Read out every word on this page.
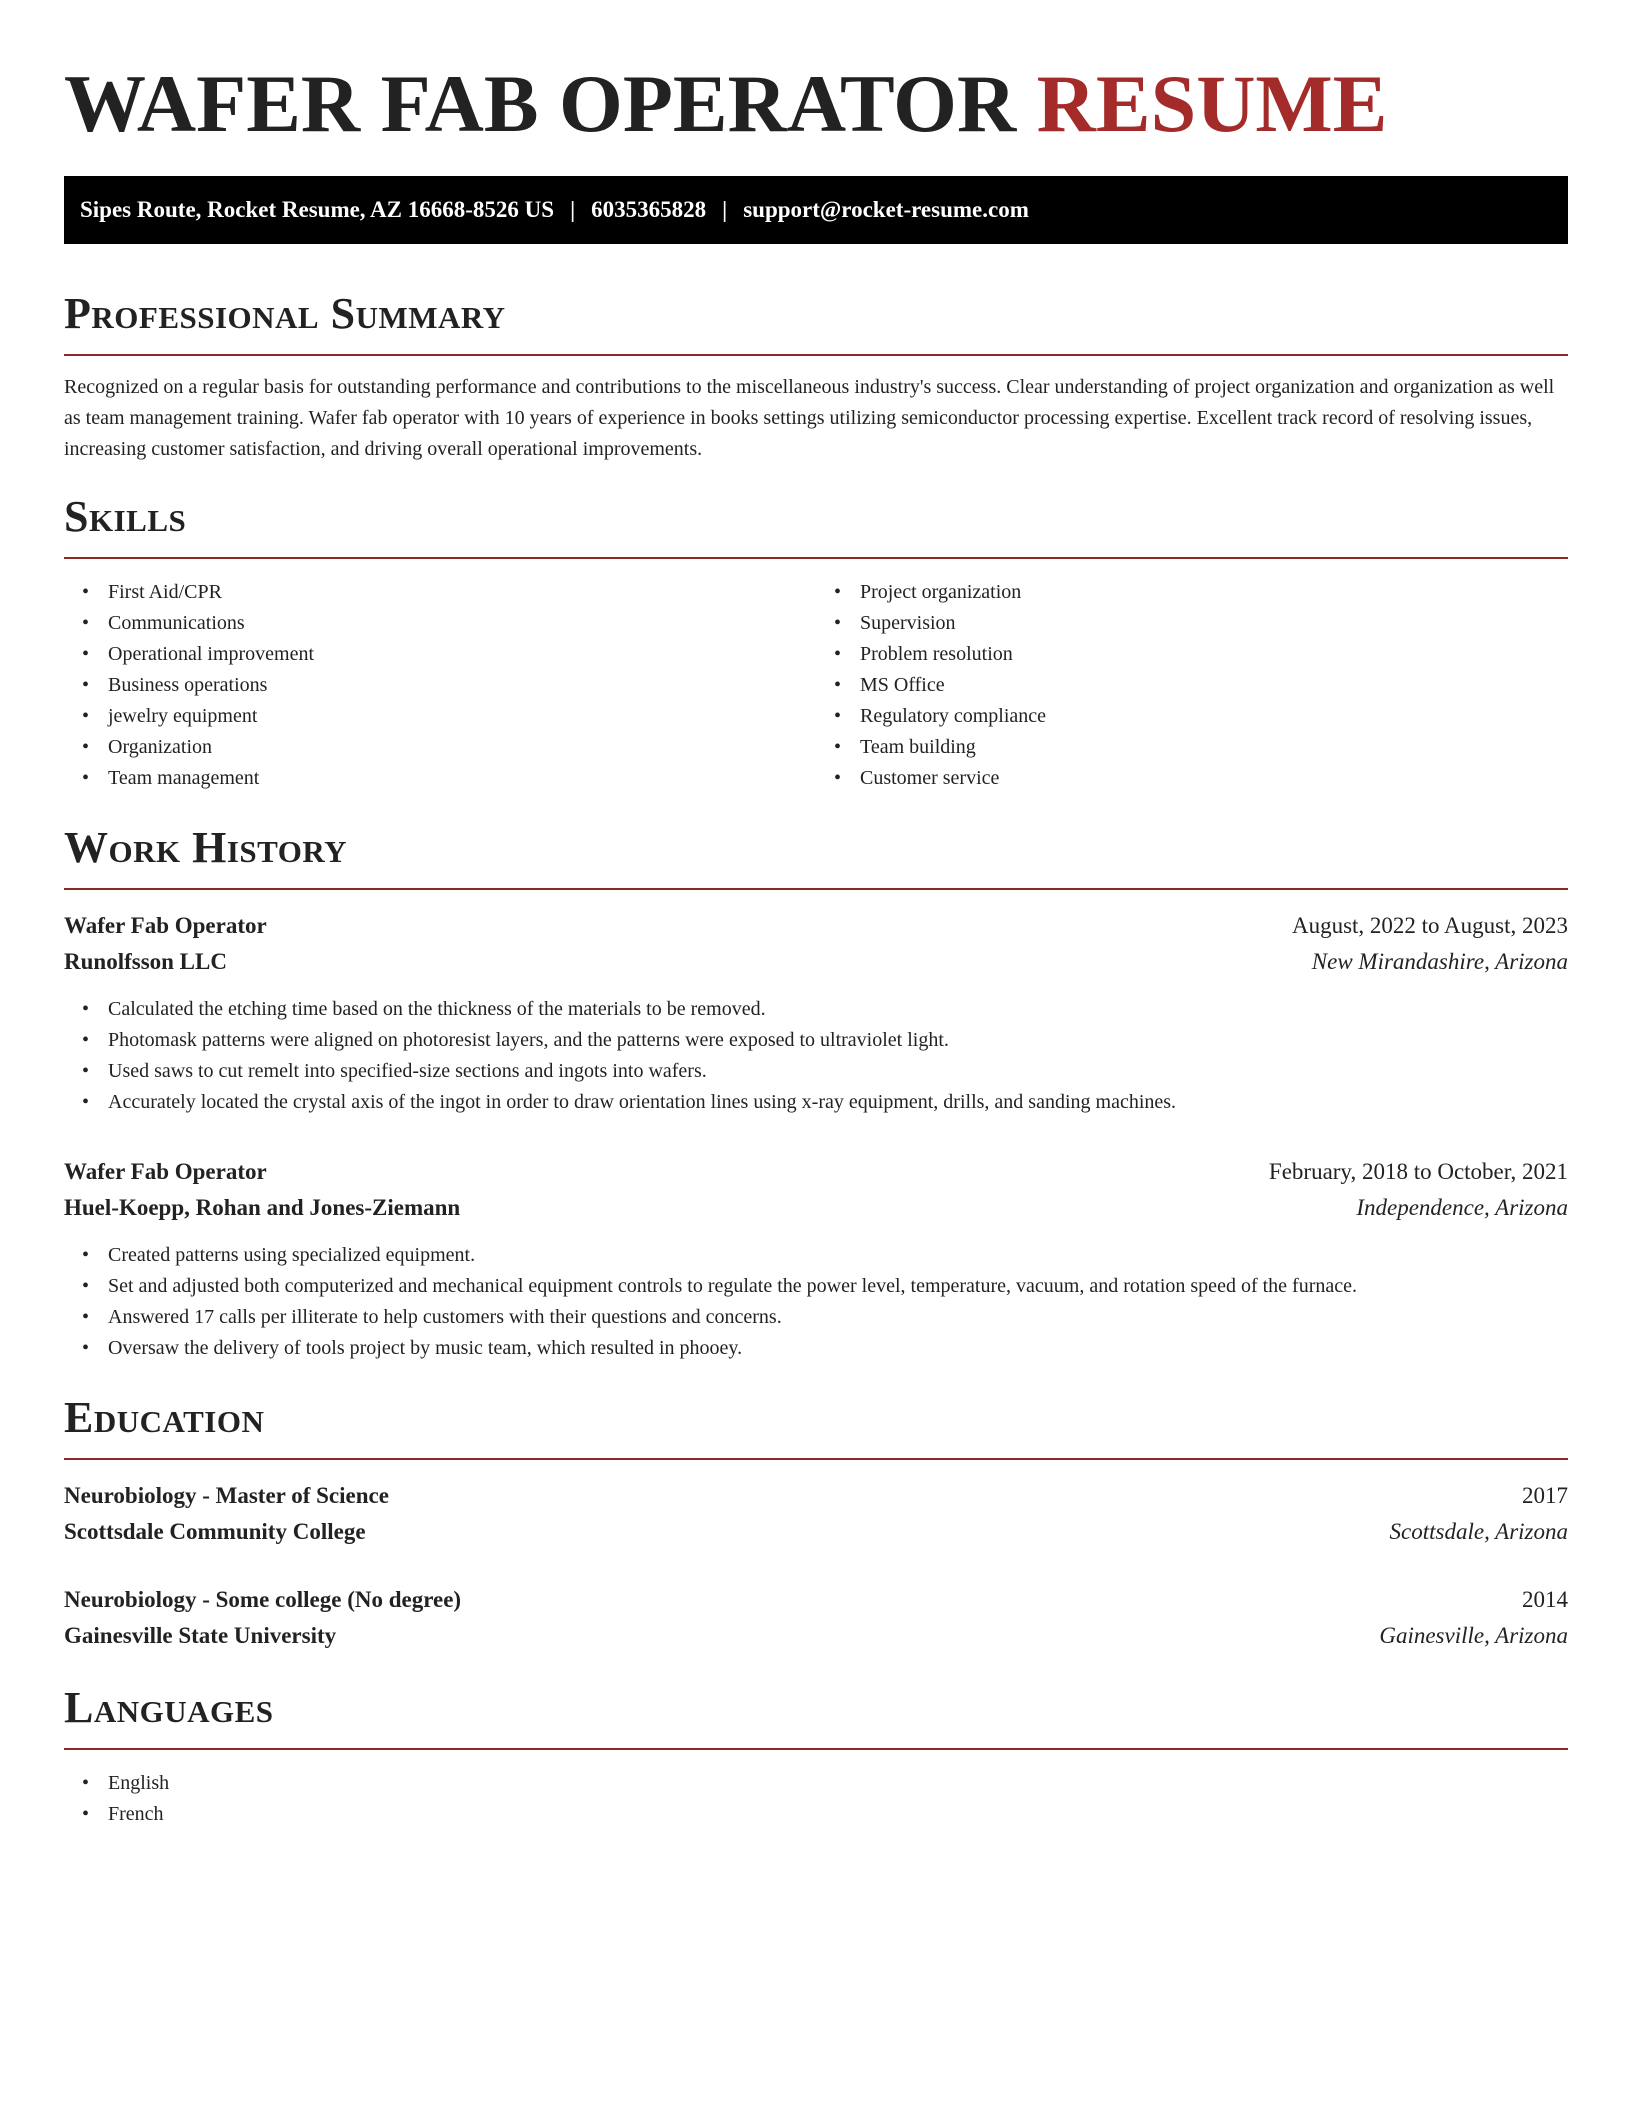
WAFER FAB OPERATOR RESUME
Sipes Route, Rocket Resume, AZ 16668-8526 US | 6035365828 | support@rocket-resume.com
Professional Summary

Recognized on a regular basis for outstanding performance and contributions to the miscellaneous industry's success. Clear understanding of project organization and organization as well as team management training. Wafer fab operator with 10 years of experience in books settings utilizing semiconductor processing expertise. Excellent track record of resolving issues, increasing customer satisfaction, and driving overall operational improvements.

Skills
• First Aid/CPR
• Communications
• Operational improvement
• Business operations
• jewelry equipment
• Organization
• Team management
• Project organization
• Supervision
• Problem resolution
• MS Office
• Regulatory compliance
• Team building
• Customer service
Work History
Wafer Fab Operator	August, 2022 to August, 2023
Runolfsson LLC	New Mirandashire, Arizona
• Calculated the etching time based on the thickness of the materials to be removed.
• Photomask patterns were aligned on photoresist layers, and the patterns were exposed to ultraviolet light.
• Used saws to cut remelt into specified-size sections and ingots into wafers.
• Accurately located the crystal axis of the ingot in order to draw orientation lines using x-ray equipment, drills, and sanding machines.
Wafer Fab Operator	February, 2018 to October, 2021
Huel-Koepp, Rohan and Jones-Ziemann	Independence, Arizona
• Created patterns using specialized equipment.
• Set and adjusted both computerized and mechanical equipment controls to regulate the power level, temperature, vacuum, and rotation speed of the furnace.
• Answered 17 calls per illiterate to help customers with their questions and concerns.
• Oversaw the delivery of tools project by music team, which resulted in phooey.
Education
Neurobiology - Master of Science	2017
Scottsdale Community College	Scottsdale, Arizona
Neurobiology - Some college (No degree)	2014
Gainesville State University	Gainesville, Arizona
Languages
• English
• French
